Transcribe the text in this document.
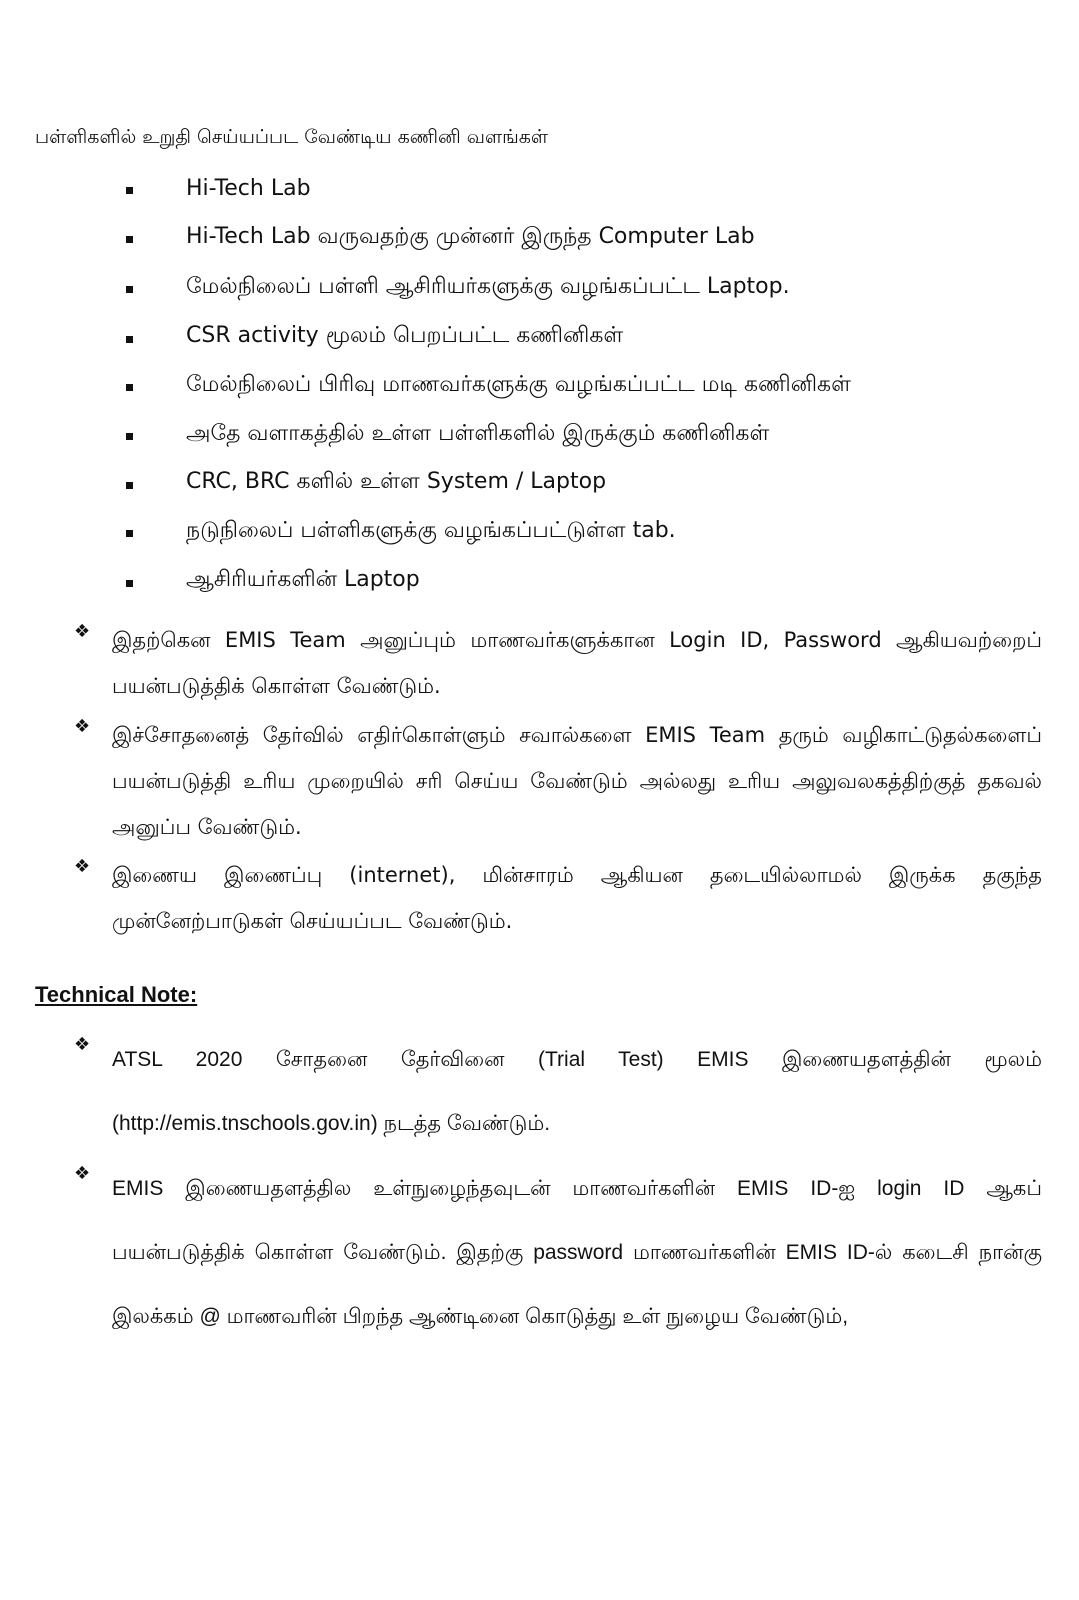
பள்ளிகளில் உறுதி செய்யப்பட வேண்டிய கணினி வளங்கள்
Hi-Tech Lab
Hi-Tech Lab வருவதற்கு முன்னர் இருந்த Computer Lab
மேல்நிலைப் பள்ளி ஆசிரியர்களுக்கு வழங்கப்பட்ட Laptop.
CSR activity மூலம் பெறப்பட்ட கணினிகள்
மேல்நிலைப் பிரிவு மாணவர்களுக்கு வழங்கப்பட்ட மடி கணினிகள்
அதே வளாகத்தில் உள்ள பள்ளிகளில் இருக்கும் கணினிகள்
CRC, BRC களில் உள்ள System / Laptop
நடுநிலைப் பள்ளிகளுக்கு வழங்கப்பட்டுள்ள tab.
ஆசிரியர்களின் Laptop
❖ இதற்கென EMIS Team அனுப்பும் மாணவர்களுக்கான Login ID, Password ஆகியவற்றைப் பயன்படுத்திக் கொள்ள வேண்டும்.
❖ இச்சோதனைத் தேர்வில் எதிர்கொள்ளும் சவால்களை EMIS Team தரும் வழிகாட்டுதல்களைப் பயன்படுத்தி உரிய முறையில் சரி செய்ய வேண்டும் அல்லது உரிய அலுவலகத்திற்குத் தகவல் அனுப்ப வேண்டும்.
❖ இணைய இணைப்பு (internet), மின்சாரம் ஆகியன தடையில்லாமல் இருக்க தகுந்த முன்னேற்பாடுகள் செய்யப்பட வேண்டும்.
Technical Note:
❖
ATSL 2020 சோதனை தேர்வினை (Trial Test) EMIS இணையதளத்தின் மூலம் (http://emis.tnschools.gov.in) நடத்த வேண்டும்.
❖
EMIS இணையதளத்தில உள்நுழைந்தவுடன் மாணவர்களின் EMIS ID-ஐ login ID ஆகப் பயன்படுத்திக் கொள்ள வேண்டும். இதற்கு password மாணவர்களின் EMIS ID-ல் கடைசி நான்கு இலக்கம் @ மாணவரின் பிறந்த ஆண்டினை கொடுத்து உள் நுழைய வேண்டும்,
